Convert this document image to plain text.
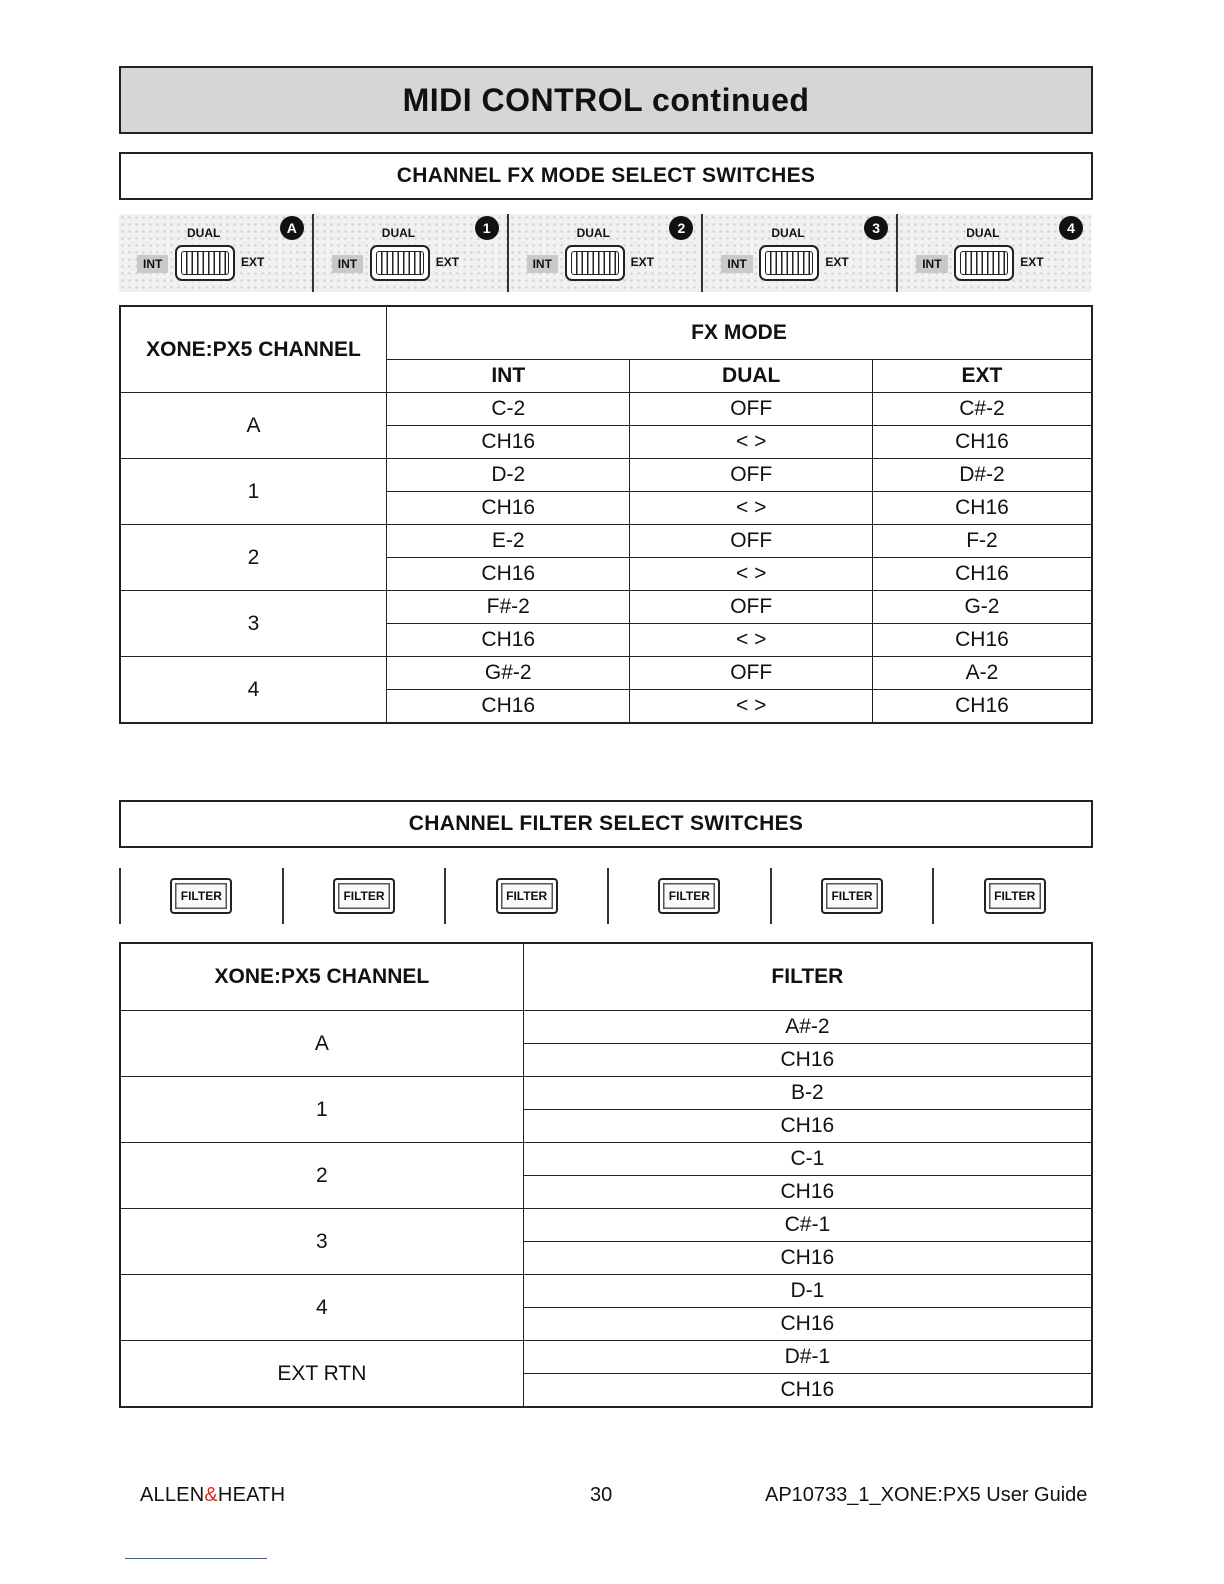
MIDI CONTROL continued
CHANNEL FX MODE SELECT SWITCHES
DUAL
INT	EXT
A	DUAL
INT	EXT
1	DUAL
INT	EXT
2	DUAL
INT	EXT
3	DUAL
INT	EXT
4
XONE:PX5 CHANNEL	FX MODE		
	INT	DUAL	EXT
A	C-2	OFF	C#-2
	CH16	< >	CH16
1	D-2	OFF	D#-2
	CH16	< >	CH16
2	E-2	OFF	F-2
	CH16	< >	CH16
3	F#-2	OFF	G-2
	CH16	< >	CH16
4	G#-2	OFF	A-2
	CH16	< >	CH16
CHANNEL FILTER SELECT SWITCHES
FILTER	FILTER	FILTER	FILTER	FILTER	FILTER
XONE:PX5 CHANNEL	FILTER
A	A#-2
	CH16
1	B-2
	CH16
2	C-1
	CH16
3	C#-1
	CH16
4	D-1
	CH16
EXT RTN	D#-1
	CH16
ALLEN&HEATH	30	AP10733_1_XONE:PX5 User Guide
